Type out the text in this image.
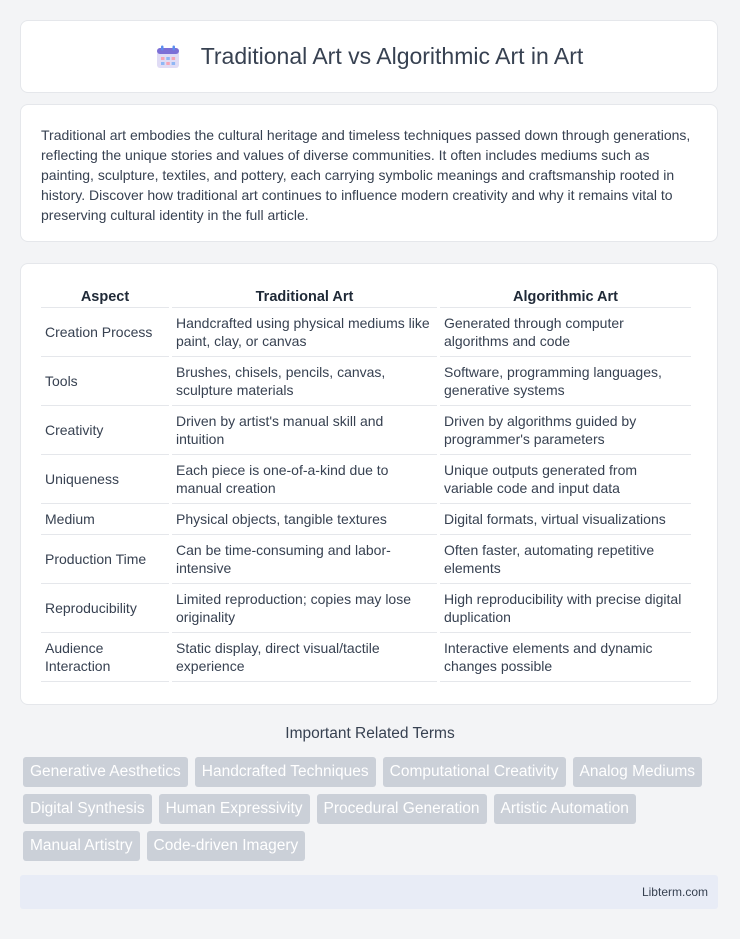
Traditional Art vs Algorithmic Art in Art

Traditional art embodies the cultural heritage and timeless techniques passed down through generations, reflecting the unique stories and values of diverse communities. It often includes mediums such as painting, sculpture, textiles, and pottery, each carrying symbolic meanings and craftsmanship rooted in history. Discover how traditional art continues to influence modern creativity and why it remains vital to preserving cultural identity in the full article.

Aspect	Traditional Art	Algorithmic Art
Creation Process	Handcrafted using physical mediums like paint, clay, or canvas	Generated through computer algorithms and code
Tools	Brushes, chisels, pencils, canvas, sculpture materials	Software, programming languages, generative systems
Creativity	Driven by artist's manual skill and intuition	Driven by algorithms guided by programmer's parameters
Uniqueness	Each piece is one-of-a-kind due to manual creation	Unique outputs generated from variable code and input data
Medium	Physical objects, tangible textures	Digital formats, virtual visualizations
Production Time	Can be time-consuming and labor-intensive	Often faster, automating repetitive elements
Reproducibility	Limited reproduction; copies may lose originality	High reproducibility with precise digital duplication
Audience Interaction	Static display, direct visual/tactile experience	Interactive elements and dynamic changes possible
Important Related Terms
Generative Aesthetics	Handcrafted Techniques	Computational Creativity	Analog Mediums
Digital Synthesis	Human Expressivity	Procedural Generation	Artistic Automation
Manual Artistry	Code-driven Imagery
Libterm.com
